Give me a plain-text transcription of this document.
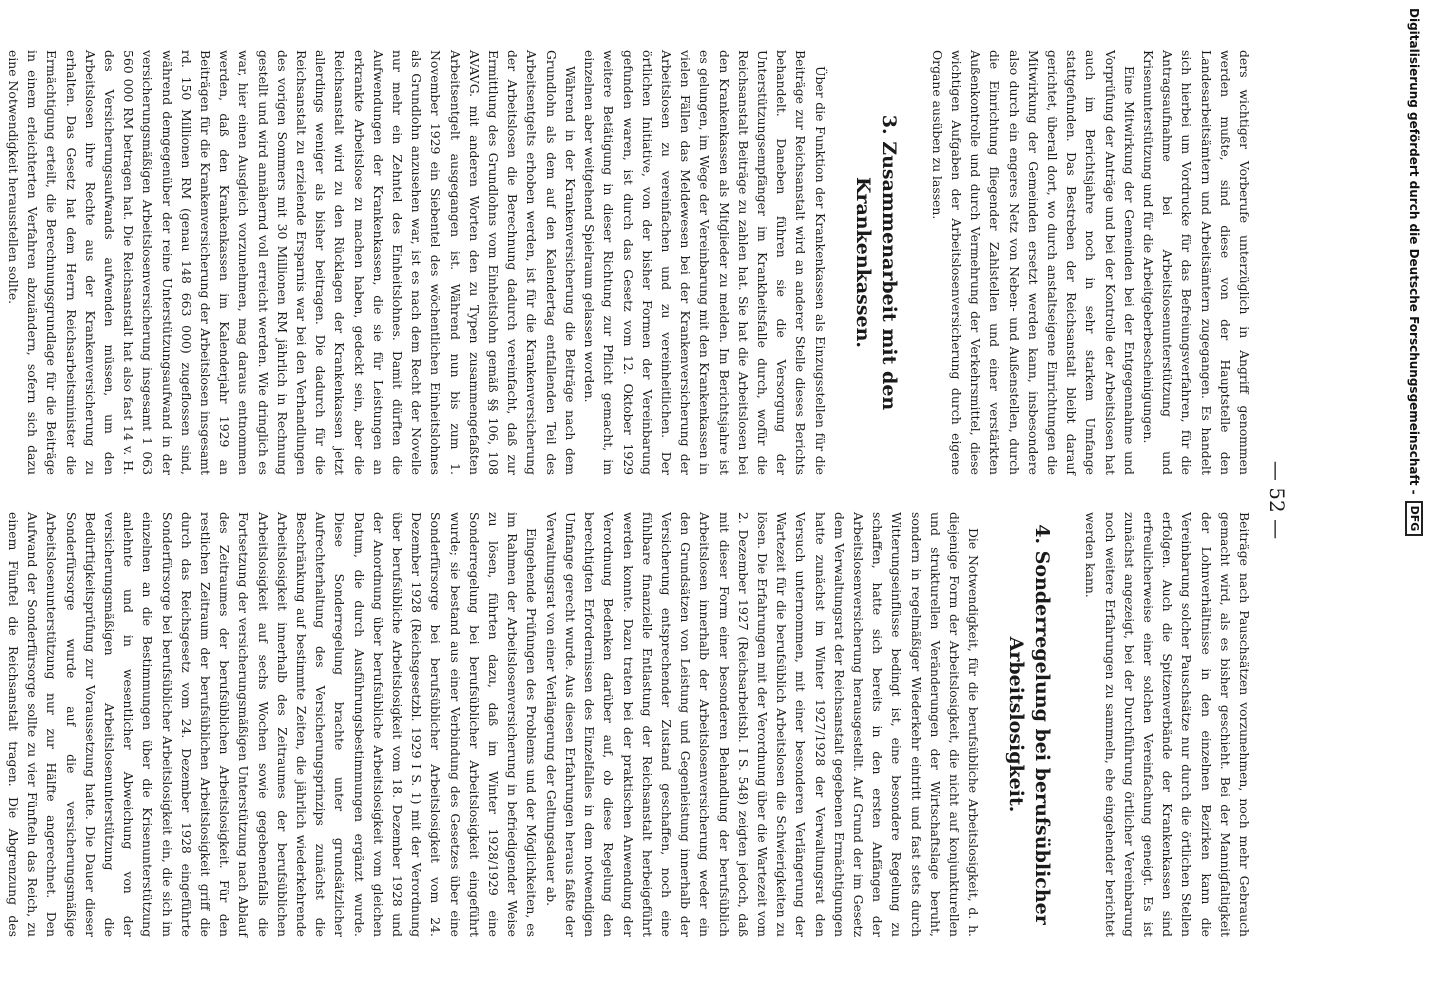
— 52 —

ders wichtiger Vorberufe unterzüglich in Angriff genommen werden mußte, sind diese von der Hauptstelle den Landesarbeitsämtern und Arbeitsämtern zugegangen. Es handelt sich hierbei um Vordrucke für das Befreiungsverfahren, für die Antragsaufnahme bei Arbeitslosenunterstützung und Krisenunterstützung und für die Arbeitgeberbescheinigungen.

Eine Mitwirkung der Gemeinden bei der Entgegennahme und Vorprüfung der Anträge und bei der Kontrolle der Arbeitslosen hat auch im Berichtsjahre noch in sehr starkem Umfange stattgefunden. Das Bestreben der Reichsanstalt bleibt darauf gerichtet, überall dort, wo durch anstaltseigene Einrichtungen die Mitwirkung der Gemeinden ersetzt werden kann, insbesondere also durch ein engeres Netz von Neben- und Außenstellen, durch die Einrichtung fliegender Zahlstellen und einer verstärkten Außenkontrolle und durch Vermehrung der Verkehrsmittel, diese wichtigen Aufgaben der Arbeitslosenversicherung durch eigene Organe ausüben zu lassen.

3. Zusammenarbeit mit den Krankenkassen.

Über die Funktion der Krankenkassen als Einzugsstellen für die Beiträge zur Reichsanstalt wird an anderer Stelle dieses Berichts behandelt. Daneben führen sie die Versorgung der Unterstützungsempfänger im Krankheitsfalle durch, wofür die Reichsanstalt Beiträge zu zahlen hat. Sie hat die Arbeitslosen bei den Krankenkassen als Mitglieder zu melden. Im Berichtsjahre ist es gelungen, im Wege der Vereinbarung mit den Krankenkassen in vielen Fällen das Meldewesen bei der Krankenversicherung der Arbeitslosen zu vereinfachen und zu vereinheitlichen. Der örtlichen Initiative, von der bisher Formen der Vereinbarung gefunden waren, ist durch das Gesetz vom 12. Oktober 1929 weitere Betätigung in dieser Richtung zur Pflicht gemacht, im einzelnen aber weitgehend Spielraum gelassen worden.

Während in der Krankenversicherung die Beiträge nach dem Grundlohn als dem auf den Kalendertag entfallenden Teil des Arbeitsentgelts erhoben werden, ist für die Krankenversicherung der Arbeitslosen die Berechnung dadurch vereinfacht, daß zur Ermittlung des Grundlohns vom Einheitslohn gemäß §§ 106, 108 AVAVG. mit anderen Worten den zu Typen zusammengefaßten Arbeitsentgelt ausgegangen ist. Während nun bis zum 1. November 1929 ein Siebentel des wöchentlichen Einheitslohnes als Grundlohn anzusehen war, ist es nach dem Recht der Novelle nur mehr ein Zehntel des Einheitslohnes. Damit dürften die Aufwendungen der Krankenkassen, die sie für Leistungen an erkrankte Arbeitslose zu machen haben, gedeckt sein, aber die Reichsanstalt wird zu den Rücklagen der Krankenkassen jetzt allerdings weniger als bisher beitragen. Die dadurch für die Reichsanstalt zu erzielende Ersparnis war bei den Verhandlungen des vorigen Sommers mit 30 Millionen RM jährlich in Rechnung gestellt und wird annähernd voll erreicht werden. Wie dringlich es war, hier einen Ausgleich vorzunehmen, mag daraus entnommen werden, daß den Krankenkassen im Kalenderjahr 1929 an Beiträgen für die Krankenversicherung der Arbeitslosen insgesamt rd. 150 Millionen RM (genau 148 663 000) zugeflossen sind, während demgegenüber der reine Unterstützungsaufwand in der versicherungsmäßigen Arbeitslosenversicherung insgesamt 1 063 560 000 RM betragen hat. Die Reichsanstalt hat also fast 14 v. H. des Versicherungsaufwands aufwenden müssen, um den Arbeitslosen ihre Rechte aus der Krankenversicherung zu erhalten. Das Gesetz hat dem Herrn Reichsarbeitsminister die Ermächtigung erteilt, die Berechnungsgrundlage für die Beiträge in einem erleichterten Verfahren abzuändern, sofern sich dazu eine Notwendigkeit herausstellen sollte.

Beiträge nach Pauschsätzen vorzunehmen, noch mehr Gebrauch gemacht wird, als es bisher geschieht. Bei der Mannigfaltigkeit der Lohnverhältnisse in den einzelnen Bezirken kann die Vereinbarung solcher Pauschsätze nur durch die örtlichen Stellen erfolgen. Auch die Spitzenverbände der Krankenkassen sind erfreulicherweise einer solchen Vereinfachung geneigt. Es ist zunächst angezeigt, bei der Durchführung örtlicher Vereinbarung noch weitere Erfahrungen zu sammeln, ehe eingehender berichtet werden kann.

4. Sonderregelung bei berufsüblicher Arbeitslosigkeit.

Die Notwendigkeit, für die berufsübliche Arbeitslosigkeit, d. h. diejenige Form der Arbeitslosigkeit, die nicht auf konjunkturellen und strukturellen Veränderungen der Wirtschaftslage beruht, sondern in regelmäßiger Wiederkehr eintritt und fast stets durch Witterungseinflüsse bedingt ist, eine besondere Regelung zu schaffen, hatte sich bereits in den ersten Anfängen der Arbeitslosenversicherung herausgestellt. Auf Grund der im Gesetz dem Verwaltungsrat der Reichsanstalt gegebenen Ermächtigungen hatte zunächst im Winter 1927/1928 der Verwaltungsrat den Versuch unternommen, mit einer besonderen Verlängerung der Wartezeit für die berufsüblich Arbeitslosen die Schwierigkeiten zu lösen. Die Erfahrungen mit der Verordnung über die Wartezeit vom 2. Dezember 1927 (Reichsarbeitsbl. I S. 548) zeigten jedoch, daß mit dieser Form einer besonderen Behandlung der berufsüblich Arbeitslosen innerhalb der Arbeitslosenversicherung weder ein den Grundsätzen von Leistung und Gegenleistung innerhalb der Versicherung entsprechender Zustand geschaffen, noch eine fühlbare finanzielle Entlastung der Reichsanstalt herbeigeführt werden konnte. Dazu traten bei der praktischen Anwendung der Verordnung Bedenken darüber auf, ob diese Regelung den berechtigten Erfordernissen des Einzelfalles in dem notwendigen Umfange gerecht wurde. Aus diesen Erfahrungen heraus faßte der Verwaltungsrat von einer Verlängerung der Geltungsdauer ab.

Eingehende Prüfungen des Problems und der Möglichkeiten, es im Rahmen der Arbeitslosenversicherung in befriedigender Weise zu lösen, führten dazu, daß im Winter 1928/1929 eine Sonderregelung bei berufsüblicher Arbeitslosigkeit eingeführt wurde; sie bestand aus einer Verbindung des Gesetzes über eine Sonderfürsorge bei berufsüblicher Arbeitslosigkeit vom 24. Dezember 1928 (Reichsgesetzbl. 1929 I S. 1) mit der Verordnung über berufsübliche Arbeitslosigkeit vom 18. Dezember 1928 und der Anordnung über berufsübliche Arbeitslosigkeit vom gleichen Datum, die durch Ausführungsbestimmungen ergänzt wurde. Diese Sonderregelung brachte unter grundsätzlicher Aufrechterhaltung des Versicherungsprinzips zunächst die Beschränkung auf bestimmte Zeiten, die jährlich wiederkehrende Arbeitslosigkeit innerhalb des Zeitraumes der berufsüblichen Arbeitslosigkeit auf sechs Wochen sowie gegebenenfalls die Fortsetzung der versicherungsmäßigen Unterstützung nach Ablauf des Zeitraumes der berufsüblichen Arbeitslosigkeit. Für den restlichen Zeitraum der berufsüblichen Arbeitslosigkeit griff die durch das Reichsgesetz vom 24. Dezember 1928 eingeführte Sonderfürsorge bei berufsüblicher Arbeitslosigkeit ein, die sich im einzelnen an die Bestimmungen über die Krisenunterstützung anlehnte und in wesentlicher Abweichung von der versicherungsmäßigen Arbeitslosenunterstützung die Bedürftigkeitsprüfung zur Voraussetzung hatte. Die Dauer dieser Sonderfürsorge wurde auf die versicherungsmäßige Arbeitslosenunterstützung nur zur Hälfte angerechnet. Den Aufwand der Sonderfürsorge sollte zu vier Fünfteln das Reich, zu einem Fünftel die Reichsanstalt tragen. Die Abgrenzung des

Digitalisierung gefördert durch die Deutsche Forschungsgemeinschaft -
DFG
